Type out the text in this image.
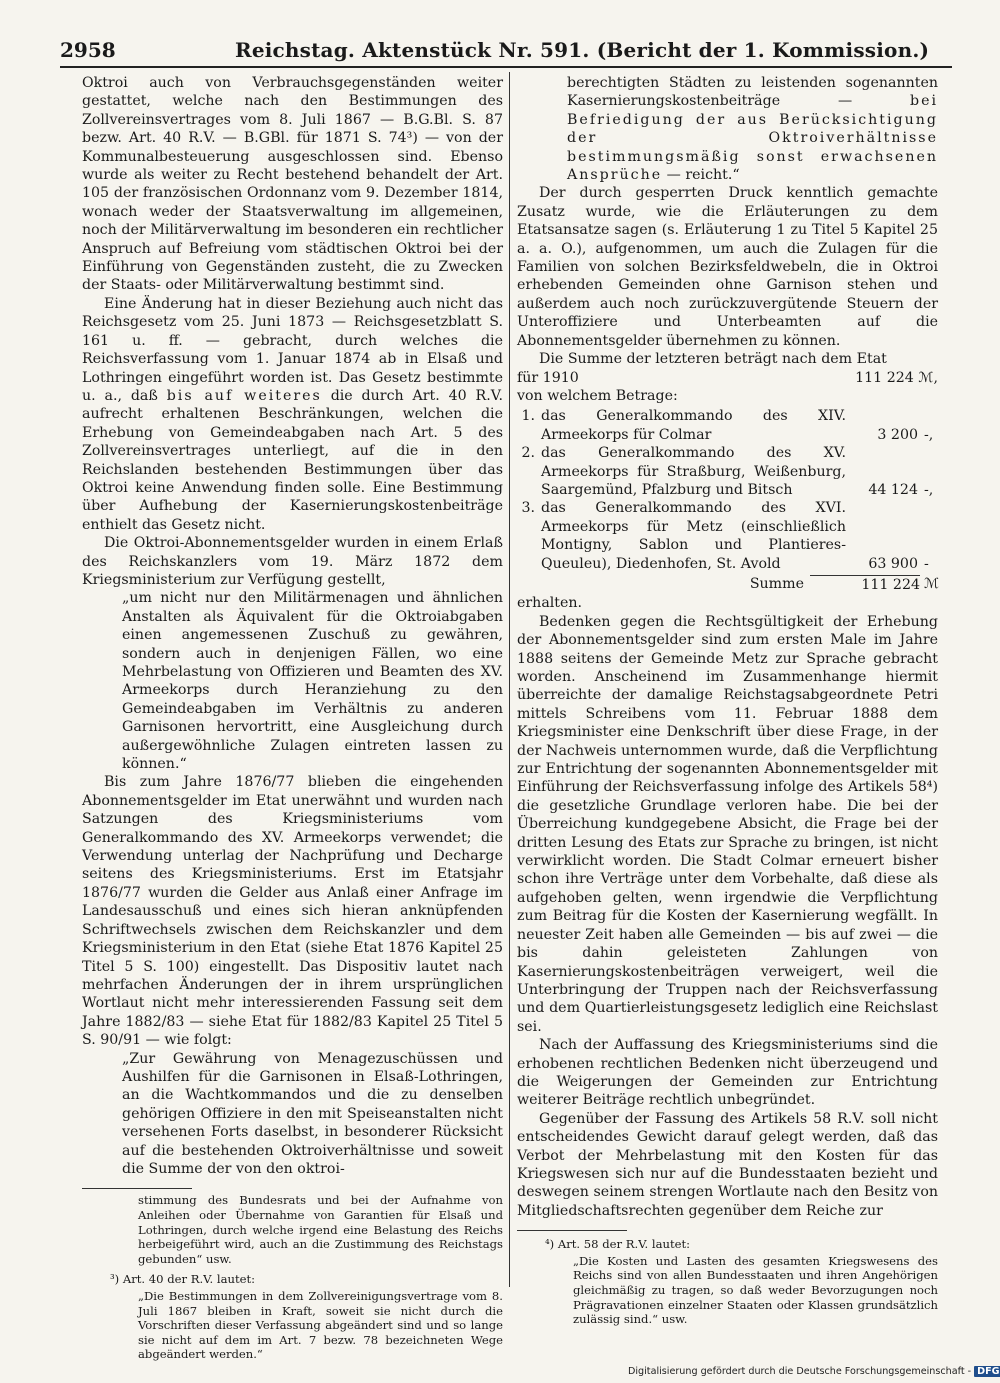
2958	Reichstag. Aktenstück Nr. 591. (Bericht der 1. Kommission.)

Oktroi auch von Verbrauchsgegenständen weiter gestattet, welche nach den Bestimmungen des Zollvereinsvertrages vom 8. Juli 1867 — B.G.Bl. S. 87 bezw. Art. 40 R.V. — B.GBl. für 1871 S. 74³) — von der Kommunalbesteuerung ausgeschlossen sind. Ebenso wurde als weiter zu Recht bestehend behandelt der Art. 105 der französischen Ordonnanz vom 9. Dezember 1814, wonach weder der Staatsverwaltung im allgemeinen, noch der Militärverwaltung im besonderen ein rechtlicher Anspruch auf Befreiung vom städtischen Oktroi bei der Einführung von Gegenständen zusteht, die zu Zwecken der Staats- oder Militärverwaltung bestimmt sind.

Eine Änderung hat in dieser Beziehung auch nicht das Reichsgesetz vom 25. Juni 1873 — Reichsgesetzblatt S. 161 u. ff. — gebracht, durch welches die Reichsverfassung vom 1. Januar 1874 ab in Elsaß und Lothringen eingeführt worden ist. Das Gesetz bestimmte u. a., daß bis auf weiteres die durch Art. 40 R.V. aufrecht erhaltenen Beschränkungen, welchen die Erhebung von Gemeindeabgaben nach Art. 5 des Zollvereinsvertrages unterliegt, auf die in den Reichslanden bestehenden Bestimmungen über das Oktroi keine Anwendung finden solle. Eine Bestimmung über Aufhebung der Kasernierungskostenbeiträge enthielt das Gesetz nicht.

Die Oktroi-Abonnementsgelder wurden in einem Erlaß des Reichskanzlers vom 19. März 1872 dem Kriegsministerium zur Verfügung gestellt,

„um nicht nur den Militärmenagen und ähnlichen Anstalten als Äquivalent für die Oktroiabgaben einen angemessenen Zuschuß zu gewähren, sondern auch in denjenigen Fällen, wo eine Mehrbelastung von Offizieren und Beamten des XV. Armeekorps durch Heranziehung zu den Gemeindeabgaben im Verhältnis zu anderen Garnisonen hervortritt, eine Ausgleichung durch außergewöhnliche Zulagen eintreten lassen zu können.“

Bis zum Jahre 1876/77 blieben die eingehenden Abonnementsgelder im Etat unerwähnt und wurden nach Satzungen des Kriegsministeriums vom Generalkommando des XV. Armeekorps verwendet; die Verwendung unterlag der Nachprüfung und Decharge seitens des Kriegsministeriums. Erst im Etatsjahr 1876/77 wurden die Gelder aus Anlaß einer Anfrage im Landesausschuß und eines sich hieran anknüpfenden Schriftwechsels zwischen dem Reichskanzler und dem Kriegsministerium in den Etat (siehe Etat 1876 Kapitel 25 Titel 5 S. 100) eingestellt. Das Dispositiv lautet nach mehrfachen Änderungen der in ihrem ursprünglichen Wortlaut nicht mehr interessierenden Fassung seit dem Jahre 1882/83 — siehe Etat für 1882/83 Kapitel 25 Titel 5 S. 90/91 — wie folgt:

„Zur Gewährung von Menagezuschüssen und Aushilfen für die Garnisonen in Elsaß-Lothringen, an die Wachtkommandos und die zu denselben gehörigen Offiziere in den mit Speiseanstalten nicht versehenen Forts daselbst, in besonderer Rücksicht auf die bestehenden Oktroiverhältnisse und soweit die Summe der von den oktroi-

stimmung des Bundesrats und bei der Aufnahme von Anleihen oder Übernahme von Garantien für Elsaß und Lothringen, durch welche irgend eine Belastung des Reichs herbeigeführt wird, auch an die Zustimmung des Reichstags gebunden“ usw.

³) Art. 40 der R.V. lautet:

„Die Bestimmungen in dem Zollvereinigungsvertrage vom 8. Juli 1867 bleiben in Kraft, soweit sie nicht durch die Vorschriften dieser Verfassung abgeändert sind und so lange sie nicht auf dem im Art. 7 bezw. 78 bezeichneten Wege abgeändert werden.“

berechtigten Städten zu leistenden sogenannten Kasernierungskostenbeiträge —	bei Befriedigung der aus Berücksichtigung der Oktroiverhältnisse bestimmungsmäßig sonst erwachsenen Ansprüche — reicht.“

Der durch gesperrten Druck kenntlich gemachte Zusatz wurde, wie die Erläuterungen zu dem Etatsansatze sagen (s. Erläuterung 1 zu Titel 5 Kapitel 25 a. a. O.), aufgenommen, um auch die Zulagen für die Familien von solchen Bezirksfeldwebeln, die in Oktroi erhebenden Gemeinden ohne Garnison stehen und außerdem auch noch zurückzuvergütende Steuern der Unteroffiziere und Unterbeamten auf die Abonnementsgelder übernehmen zu können.

Die Summe der letzteren beträgt nach dem Etat

für 1910	111 224 ℳ,

von welchem Betrage:

1. das Generalkommando des XIV. Armeekorps für Colmar	3 200 -,
2. das Generalkommando des XV. Armeekorps für Straßburg, Weißenburg, Saargemünd, Pfalzburg und Bitsch	44 124 -,
3. das Generalkommando des XVI. Armeekorps für Metz (einschließlich Montigny, Sablon und Plantieres-Queuleu), Diedenhofen, St. Avold	63 900 -
Summe	111 224 ℳ

erhalten.

Bedenken gegen die Rechtsgültigkeit der Erhebung der Abonnementsgelder sind zum ersten Male im Jahre 1888 seitens der Gemeinde Metz zur Sprache gebracht worden. Anscheinend im Zusammenhange hiermit überreichte der damalige Reichstagsabgeordnete Petri mittels Schreibens vom 11. Februar 1888 dem Kriegsminister eine Denkschrift über diese Frage, in der der Nachweis unternommen wurde, daß die Verpflichtung zur Entrichtung der sogenannten Abonnementsgelder mit Einführung der Reichsverfassung infolge des Artikels 58⁴) die gesetzliche Grundlage verloren habe. Die bei der Überreichung kundgegebene Absicht, die Frage bei der dritten Lesung des Etats zur Sprache zu bringen, ist nicht verwirklicht worden. Die Stadt Colmar erneuert bisher schon ihre Verträge unter dem Vorbehalte, daß diese als aufgehoben gelten, wenn irgendwie die Verpflichtung zum Beitrag für die Kosten der Kasernierung wegfällt. In neuester Zeit haben alle Gemeinden — bis auf zwei — die bis dahin geleisteten Zahlungen von Kasernierungskostenbeiträgen verweigert, weil die Unterbringung der Truppen nach der Reichsverfassung und dem Quartierleistungsgesetz lediglich eine Reichslast sei.

Nach der Auffassung des Kriegsministeriums sind die erhobenen rechtlichen Bedenken nicht überzeugend und die Weigerungen der Gemeinden zur Entrichtung weiterer Beiträge rechtlich unbegründet.

Gegenüber der Fassung des Artikels 58 R.V. soll nicht entscheidendes Gewicht darauf gelegt werden, daß das Verbot der Mehrbelastung mit den Kosten für das Kriegswesen sich nur auf die Bundesstaaten bezieht und deswegen seinem strengen Wortlaute nach den Besitz von Mitgliedschaftsrechten gegenüber dem Reiche zur

⁴) Art. 58 der R.V. lautet:

„Die Kosten und Lasten des gesamten Kriegswesens des Reichs sind von allen Bundesstaaten und ihren Angehörigen gleichmäßig zu tragen, so daß weder Bevorzugungen noch Prägravationen einzelner Staaten oder Klassen grundsätzlich zulässig sind.“ usw.

Digitalisierung gefördert durch die Deutsche Forschungsgemeinschaft - DFG
